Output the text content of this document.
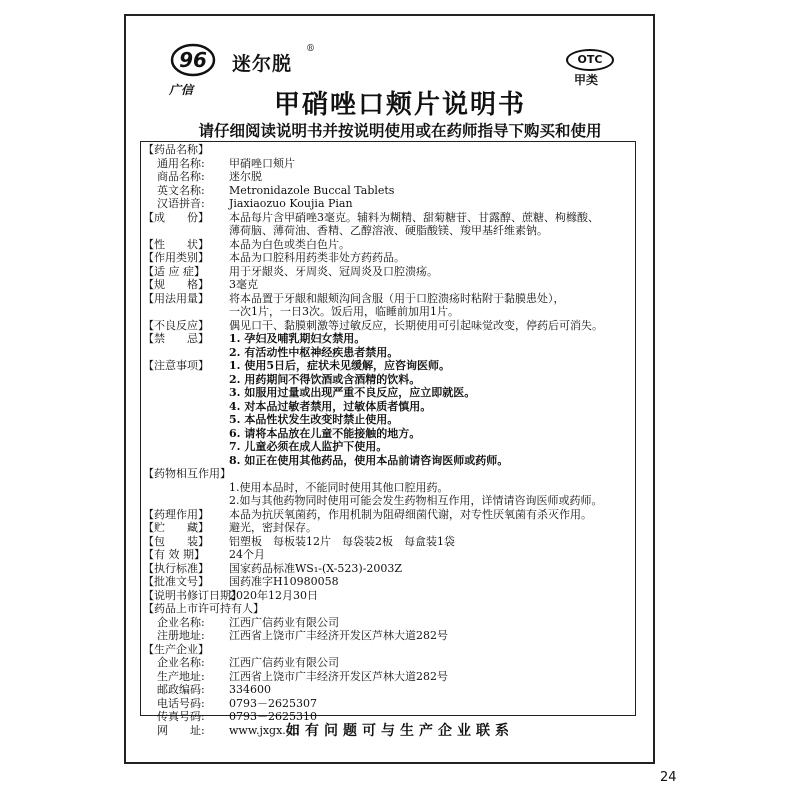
96
广信
迷尔脱
®
OTC
甲类
甲硝唑口颊片说明书
请仔细阅读说明书并按说明使用或在药师指导下购买和使用
【药品名称】
通用名称:	甲硝唑口颊片
商品名称:	迷尔脱
英文名称:	Metronidazole Buccal Tablets
汉语拼音:	Jiaxiaozuo Koujia Pian
【成　　份】	本品每片含甲硝唑3毫克。辅料为糊精、甜菊糖苷、甘露醇、蔗糖、枸橼酸、
薄荷脑、薄荷油、香精、乙醇溶液、硬脂酸镁、羧甲基纤维素钠。
【性　　状】	本品为白色或类白色片。
【作用类别】	本品为口腔科用药类非处方药药品。
【适 应 症】	用于牙龈炎、牙周炎、冠周炎及口腔溃疡。
【规　　格】	3毫克
【用法用量】	将本品置于牙龈和龈颊沟间含服（用于口腔溃疡时粘附于黏膜患处），
一次1片，一日3次。饭后用，临睡前加用1片。
【不良反应】	偶见口干、黏膜刺激等过敏反应，长期使用可引起味觉改变，停药后可消失。
【禁　　忌】	1. 孕妇及哺乳期妇女禁用。
2. 有活动性中枢神经疾患者禁用。
【注意事项】	1. 使用5日后，症状未见缓解，应咨询医师。
2. 用药期间不得饮酒或含酒精的饮料。
3. 如服用过量或出现严重不良反应，应立即就医。
4. 对本品过敏者禁用，过敏体质者慎用。
5. 本品性状发生改变时禁止使用。
6. 请将本品放在儿童不能接触的地方。
7. 儿童必须在成人监护下使用。
8. 如正在使用其他药品，使用本品前请咨询医师或药师。
【药物相互作用】
1.使用本品时，不能同时使用其他口腔用药。
2.如与其他药物同时使用可能会发生药物相互作用，详情请咨询医师或药师。
【药理作用】	本品为抗厌氧菌药，作用机制为阻碍细菌代谢，对专性厌氧菌有杀灭作用。
【贮　　藏】	避光，密封保存。
【包　　装】	铝塑板　每板装12片　每袋装2板　每盒装1袋
【有 效 期】	24个月
【执行标准】	国家药品标准WS₁-(X-523)-2003Z
【批准文号】	国药准字H10980058
【说明书修订日期】
2020年12月30日
【药品上市许可持有人】
企业名称:	江西广信药业有限公司
注册地址:	江西省上饶市广丰经济开发区芦林大道282号
【生产企业】
企业名称:	江西广信药业有限公司
生产地址:	江西省上饶市广丰经济开发区芦林大道282号
邮政编码:	334600
电话号码:	0793－2625307
传真号码:	0793－2625310
网　　址:	www.jxgx.cn
如有问题可与生产企业联系
24
